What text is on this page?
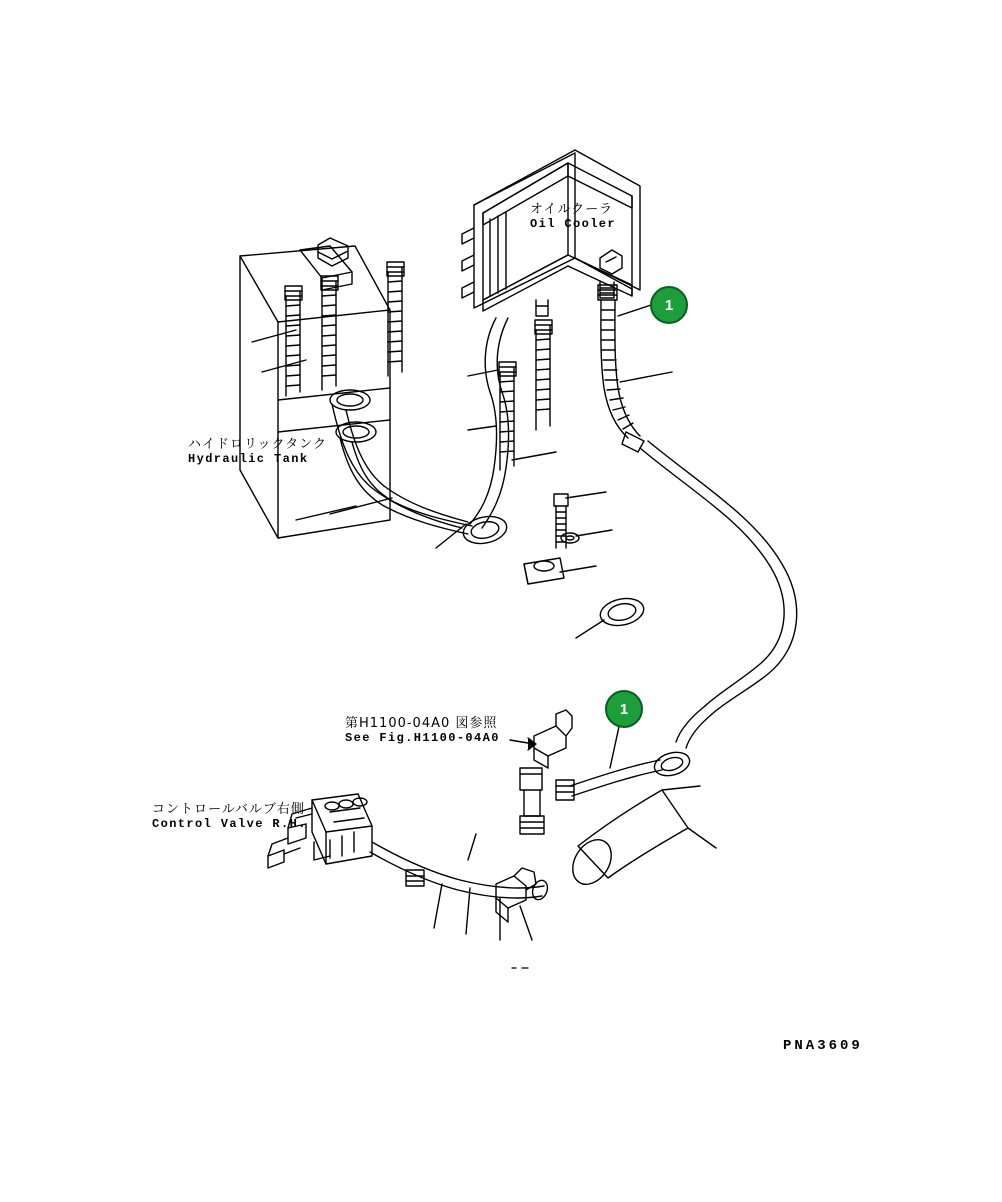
オイルクーラ
Oil Cooler
ハイドロリックタンク
Hydraulic Tank
コントロールバルブ右側
Control Valve R.H.
第H1100-04A0 図参照
See Fig.H1100-04A0
1
1
PNA3609
